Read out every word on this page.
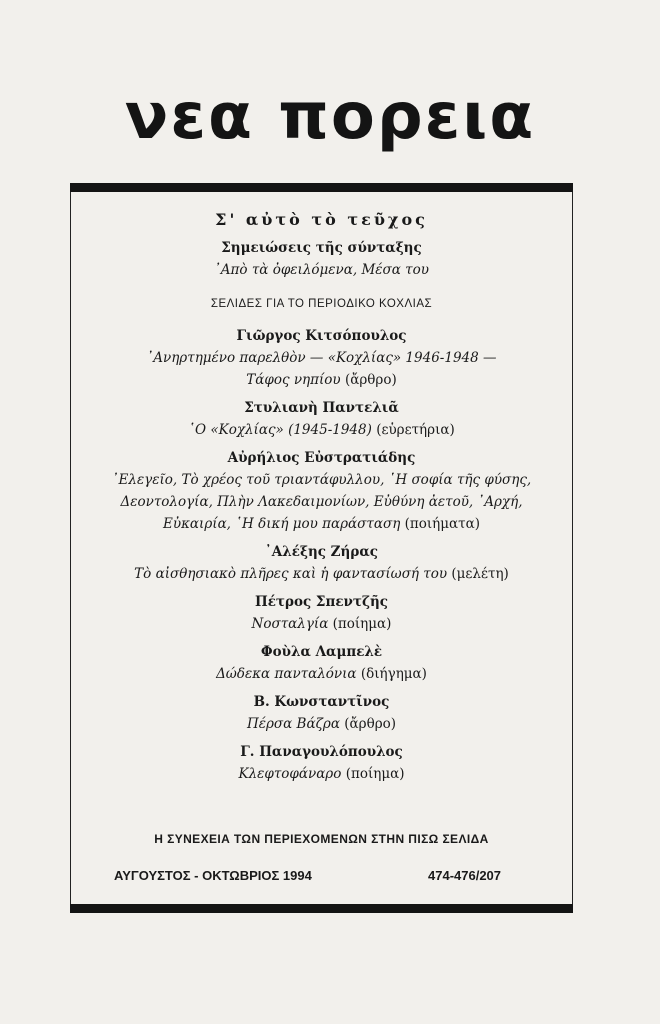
νεα πορεια

Σ' αὐτὸ τὸ τεῦχος

Σημειώσεις τῆς σύνταξης

᾿Απὸ τὰ ὀφειλόμενα, Μέσα του

ΣΕΛΙΔΕΣ ΓΙΑ ΤΟ ΠΕΡΙΟΔΙΚΟ ΚΟΧΛΙΑΣ

Γιῶργος Κιτσόπουλος

᾿Ανηρτημένο παρελθὸν — «Κοχλίας» 1946-1948 —

Τάφος νηπίου (ἄρθρο)

Στυλιανὴ Παντελιᾶ

῾Ο «Κοχλίας» (1945-1948) (εὑρετήρια)

Αὐρήλιος Εὐστρατιάδης

᾿Ελεγεῖο, Τὸ χρέος τοῦ τριαντάφυλλου, ῾Η σοφία τῆς φύσης,

Δεοντολογία, Πλὴν Λακεδαιμονίων, Εὐθύνη ἀετοῦ, ᾿Αρχή,

Εὐκαιρία, ῾Η δική μου παράσταση (ποιήματα)

᾿Αλέξης Ζήρας

Τὸ αἰσθησιακὸ πλῆρες καὶ ἡ φαντασίωσή του (μελέτη)

Πέτρος Σπεντζῆς

Νοσταλγία (ποίημα)

Φοὺλα Λαμπελὲ

Δώδεκα πανταλόνια (διήγημα)

Β. Κωνσταντῖνος

Πέρσα Βάζρα (ἄρθρο)

Γ. Παναγουλόπουλος

Κλεφτοφάναρο (ποίημα)

Η ΣΥΝΕΧΕΙΑ ΤΩΝ ΠΕΡΙΕΧΟΜΕΝΩΝ ΣΤΗΝ ΠΙΣΩ ΣΕΛΙΔΑ
ΑΥΓΟΥΣΤΟΣ - ΟΚΤΩΒΡΙΟΣ 1994	474-476/207
